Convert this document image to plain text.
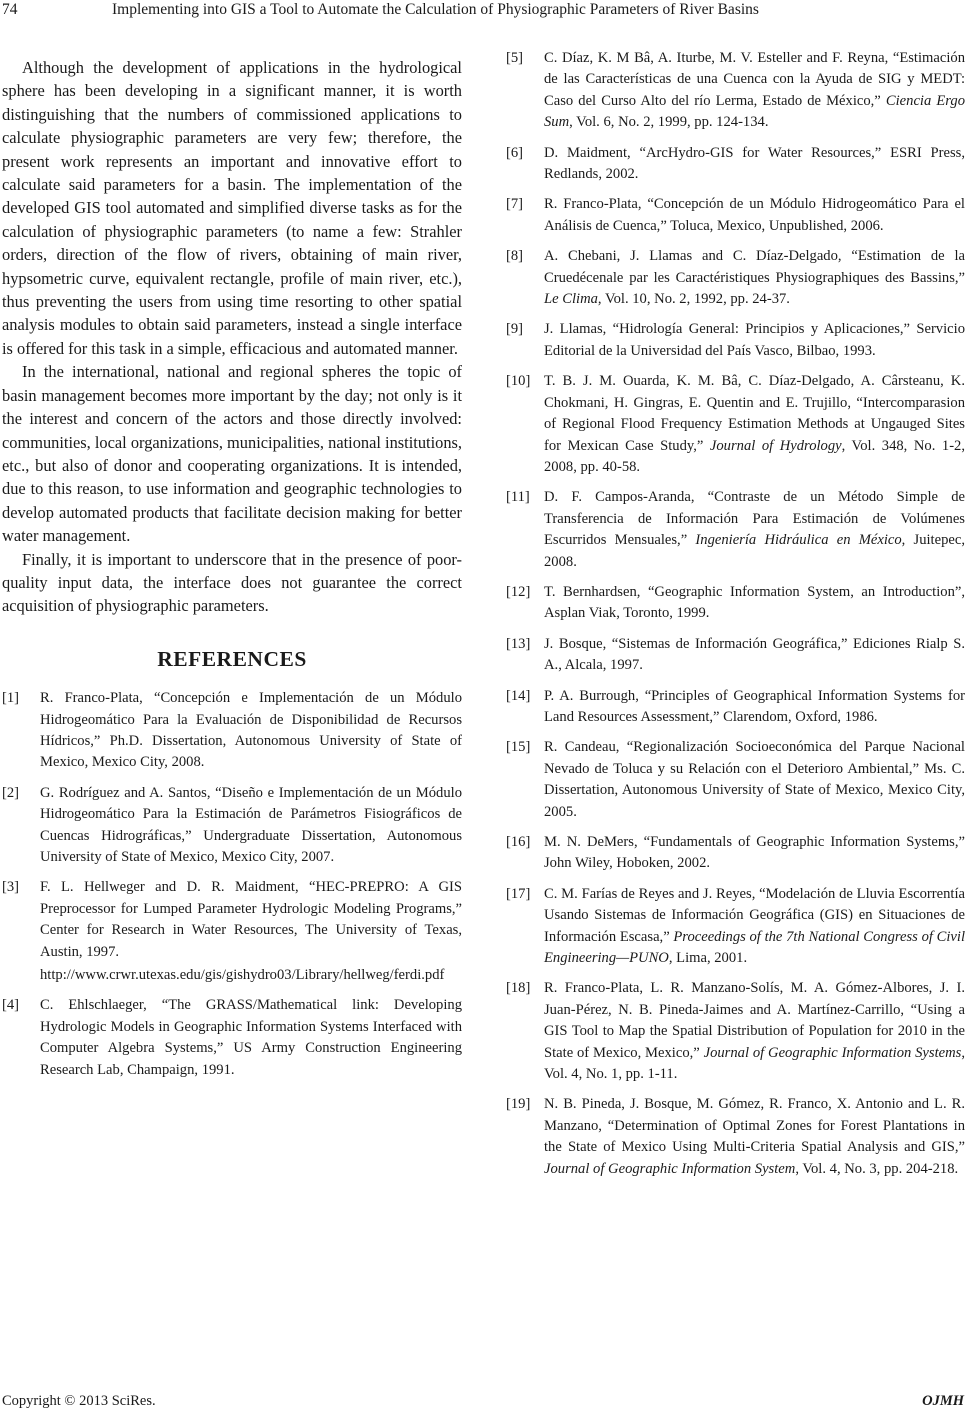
74	Implementing into GIS a Tool to Automate the Calculation of Physiographic Parameters of River Basins

Although the development of applications in the hydrological sphere has been developing in a significant manner, it is worth distinguishing that the numbers of commissioned applications to calculate physiographic parameters are very few; therefore, the present work represents an important and innovative effort to calculate said parameters for a basin. The implementation of the developed GIS tool automated and simplified diverse tasks as for the calculation of physiographic parameters (to name a few: Strahler orders, direction of the flow of rivers, obtaining of main river, hypsometric curve, equivalent rectangle, profile of main river, etc.), thus preventing the users from using time resorting to other spatial analysis modules to obtain said parameters, instead a single interface is offered for this task in a simple, efficacious and automated manner.

In the international, national and regional spheres the topic of basin management becomes more important by the day; not only is it the interest and concern of the actors and those directly involved: communities, local organizations, municipalities, national institutions, etc., but also of donor and cooperating organizations. It is intended, due to this reason, to use information and geographic technologies to develop automated products that facilitate decision making for better water management.

Finally, it is important to underscore that in the presence of poor-quality input data, the interface does not guarantee the correct acquisition of physiographic parameters.

REFERENCES
[1]	R. Franco-Plata, “Concepción e Implementación de un Módulo Hidrogeomático Para la Evaluación de Disponibilidad de Recursos Hídricos,” Ph.D. Dissertation, Autonomous University of State of Mexico, Mexico City, 2008.
[2]	G. Rodríguez and A. Santos, “Diseño e Implementación de un Módulo Hidrogeomático Para la Estimación de Parámetros Fisiográficos de Cuencas Hidrográficas,” Undergraduate Dissertation, Autonomous University of State of Mexico, Mexico City, 2007.
[3]	F. L. Hellweger and D. R. Maidment, “HEC-PREPRO: A GIS Preprocessor for Lumped Parameter Hydrologic Modeling Programs,” Center for Research in Water Resources, The University of Texas, Austin, 1997.
http://www.crwr.utexas.edu/gis/gishydro03/Library/hellweg/ferdi.pdf
[4]	C. Ehlschlaeger, “The GRASS/Mathematical link: Developing Hydrologic Models in Geographic Information Systems Interfaced with Computer Algebra Systems,” US Army Construction Engineering Research Lab, Champaign, 1991.
[5]	C. Díaz, K. M Bâ, A. Iturbe, M. V. Esteller and F. Reyna, “Estimación de las Características de una Cuenca con la Ayuda de SIG y MEDT: Caso del Curso Alto del río Lerma, Estado de México,” Ciencia Ergo Sum, Vol. 6, No. 2, 1999, pp. 124-134.
[6]	D. Maidment, “ArcHydro-GIS for Water Resources,” ESRI Press, Redlands, 2002.
[7]	R. Franco-Plata, “Concepción de un Módulo Hidrogeomático Para el Análisis de Cuenca,” Toluca, Mexico, Unpublished, 2006.
[8]	A. Chebani, J. Llamas and C. Díaz-Delgado, “Estimation de la Cruedécenale par les Caractéristiques Physiographiques des Bassins,” Le Clima, Vol. 10, No. 2, 1992, pp. 24-37.
[9]	J. Llamas, “Hidrología General: Principios y Aplicaciones,” Servicio Editorial de la Universidad del País Vasco, Bilbao, 1993.
[10] T. B. J. M. Ouarda, K. M. Bâ, C. Díaz-Delgado, A. Cârsteanu, K. Chokmani, H. Gingras, E. Quentin and E. Trujillo, “Intercomparasion of Regional Flood Frequency Estimation Methods at Ungauged Sites for Mexican Case Study,” Journal of Hydrology, Vol. 348, No. 1-2, 2008, pp. 40-58.
[11] D. F. Campos-Aranda, “Contraste de un Método Simple de Transferencia de Información Para Estimación de Volúmenes Escurridos Mensuales,” Ingeniería Hidráulica en México, Juitepec, 2008.
[12] T. Bernhardsen, “Geographic Information System, an Introduction”, Asplan Viak, Toronto, 1999.
[13] J. Bosque, “Sistemas de Información Geográfica,” Ediciones Rialp S. A., Alcala, 1997.
[14] P. A. Burrough, “Principles of Geographical Information Systems for Land Resources Assessment,” Clarendom, Oxford, 1986.
[15] R. Candeau, “Regionalización Socioeconómica del Parque Nacional Nevado de Toluca y su Relación con el Deterioro Ambiental,” Ms. C. Dissertation, Autonomous University of State of Mexico, Mexico City, 2005.
[16] M. N. DeMers, “Fundamentals of Geographic Information Systems,” John Wiley, Hoboken, 2002.
[17] C. M. Farías de Reyes and J. Reyes, “Modelación de Lluvia Escorrentía Usando Sistemas de Información Geográfica (GIS) en Situaciones de Información Escasa,” Proceedings of the 7th National Congress of Civil Engineering—PUNO, Lima, 2001.
[18] R. Franco-Plata, L. R. Manzano-Solís, M. A. Gómez-Albores, J. I. Juan-Pérez, N. B. Pineda-Jaimes and A. Martínez-Carrillo, “Using a GIS Tool to Map the Spatial Distribution of Population for 2010 in the State of Mexico, Mexico,” Journal of Geographic Information Systems, Vol. 4, No. 1, pp. 1-11.
[19] N. B. Pineda, J. Bosque, M. Gómez, R. Franco, X. Antonio and L. R. Manzano, “Determination of Optimal Zones for Forest Plantations in the State of Mexico Using Multi-Criteria Spatial Analysis and GIS,” Journal of Geographic Information System, Vol. 4, No. 3, pp. 204-218.
Copyright © 2013 SciRes.	OJMH
